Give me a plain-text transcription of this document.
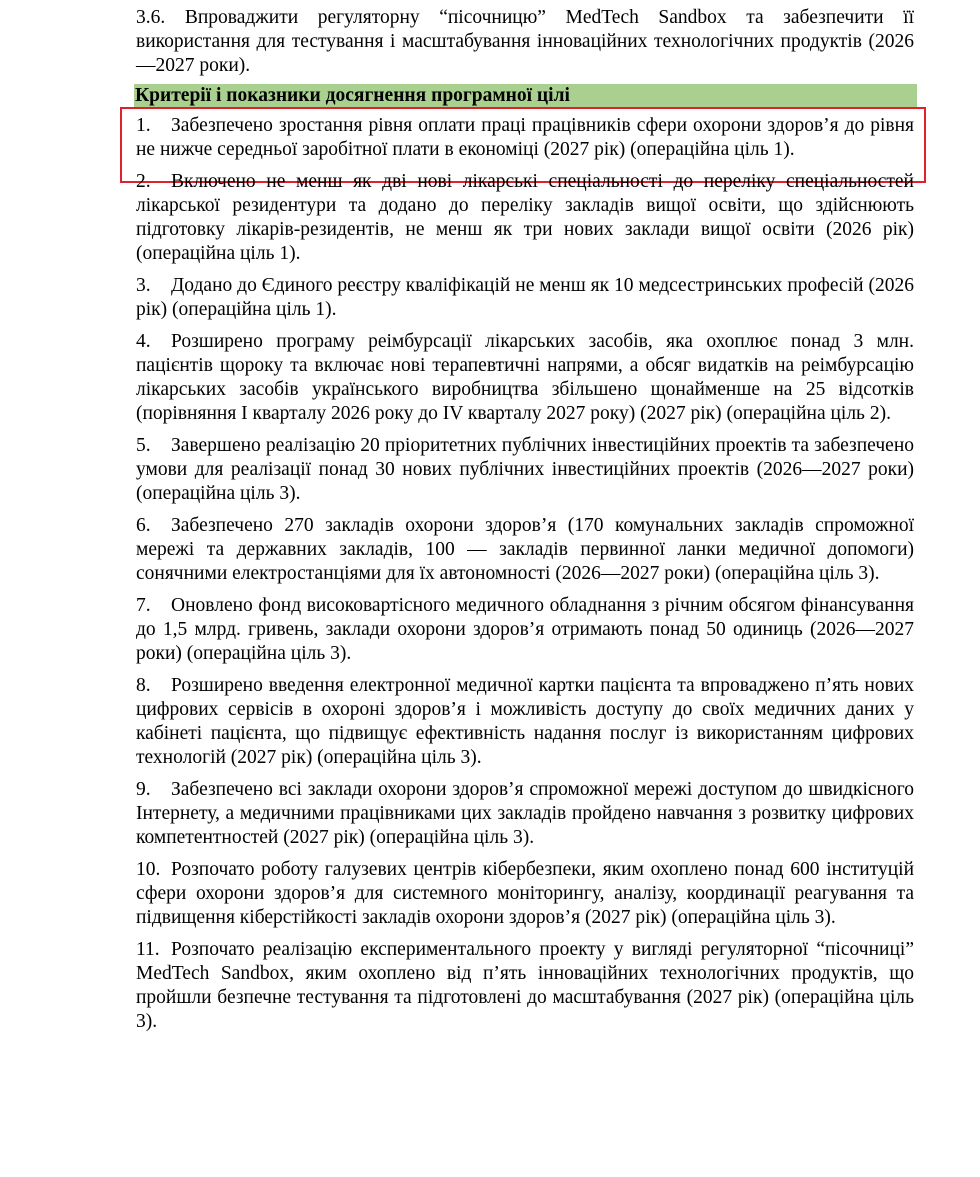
3.6. Впроваджити регуляторну “пісочницю” MedTech Sandbox та забезпечити її використання для тестування і масштабування інноваційних технологічних продуктів (2026—2027 роки).

Критерії і показники досягнення програмної цілі

1. Забезпечено зростання рівня оплати праці працівників сфери охорони здоров’я до рівня не нижче середньої заробітної плати в економіці (2027 рік) (операційна ціль 1).

2. Включено не менш як дві нові лікарські спеціальності до переліку спеціальностей лікарської резидентури та додано до переліку закладів вищої освіти, що здійснюють підготовку лікарів-резидентів, не менш як три нових заклади вищої освіти (2026 рік) (операційна ціль 1).

3. Додано до Єдиного реєстру кваліфікацій не менш як 10 медсестринських професій (2026 рік) (операційна ціль 1).

4. Розширено програму реімбурсації лікарських засобів, яка охоплює понад 3 млн. пацієнтів щороку та включає нові терапевтичні напрями, а обсяг видатків на реімбурсацію лікарських засобів українського виробництва збільшено щонайменше на 25 відсотків (порівняння I кварталу 2026 року до IV кварталу 2027 року) (2027 рік) (операційна ціль 2).

5. Завершено реалізацію 20 пріоритетних публічних інвестиційних проектів та забезпечено умови для реалізації понад 30 нових публічних інвестиційних проектів (2026—2027 роки) (операційна ціль 3).

6. Забезпечено 270 закладів охорони здоров’я (170 комунальних закладів спроможної мережі та державних закладів, 100 — закладів первинної ланки медичної допомоги) сонячними електростанціями для їх автономності (2026—2027 роки) (операційна ціль 3).

7. Оновлено фонд високовартісного медичного обладнання з річним обсягом фінансування до 1,5 млрд. гривень, заклади охорони здоров’я отримають понад 50 одиниць (2026—2027 роки) (операційна ціль 3).

8. Розширено введення електронної медичної картки пацієнта та впроваджено п’ять нових цифрових сервісів в охороні здоров’я і можливість доступу до своїх медичних даних у кабінеті пацієнта, що підвищує ефективність надання послуг із використанням цифрових технологій (2027 рік) (операційна ціль 3).

9. Забезпечено всі заклади охорони здоров’я спроможної мережі доступом до швидкісного Інтернету, а медичними працівниками цих закладів пройдено навчання з розвитку цифрових компетентностей (2027 рік) (операційна ціль 3).

10. Розпочато роботу галузевих центрів кібербезпеки, яким охоплено понад 600 інституцій сфери охорони здоров’я для системного моніторингу, аналізу, координації реагування та підвищення кіберстійкості закладів охорони здоров’я (2027 рік) (операційна ціль 3).

11. Розпочато реалізацію експериментального проекту у вигляді регуляторної “пісочниці” MedTech Sandbox, яким охоплено від п’ять інноваційних технологічних продуктів, що пройшли безпечне тестування та підготовлені до масштабування (2027 рік) (операційна ціль 3).
